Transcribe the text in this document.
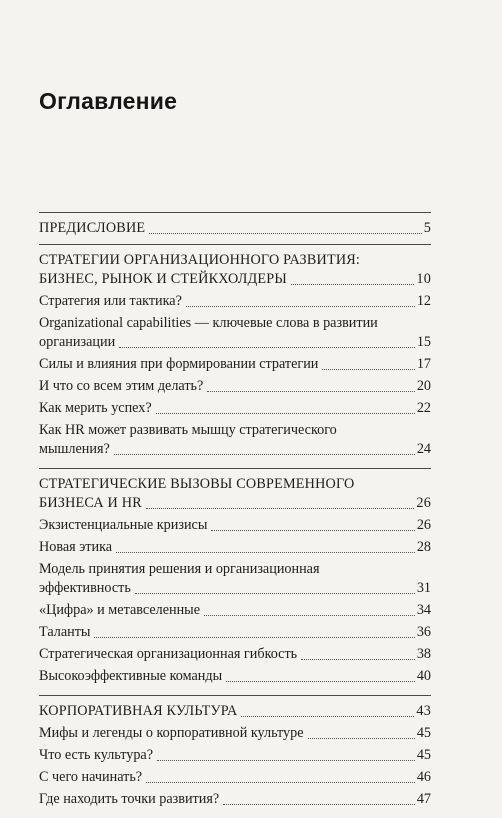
Оглавление
ПРЕДИСЛОВИЕ	5
СТРАТЕГИИ ОРГАНИЗАЦИОННОГО РАЗВИТИЯ:
БИЗНЕС, РЫНОК И СТЕЙКХОЛДЕРЫ	10
Стратегия или тактика?	12
Organizational capabilities — ключевые слова в развитии
организации	15
Силы и влияния при формировании стратегии	17
И что со всем этим делать?	20
Как мерить успех?	22
Как HR может развивать мышцу стратегического
мышления?	24
СТРАТЕГИЧЕСКИЕ ВЫЗОВЫ СОВРЕМЕННОГО
БИЗНЕСА И HR	26
Экзистенциальные кризисы	26
Новая этика	28
Модель принятия решения и организационная
эффективность	31
«Цифра» и метавселенные	34
Таланты	36
Стратегическая организационная гибкость	38
Высокоэффективные команды	40
КОРПОРАТИВНАЯ КУЛЬТУРА	43
Мифы и легенды о корпоративной культуре	45
Что есть культура?	45
С чего начинать?	46
Где находить точки развития?	47
